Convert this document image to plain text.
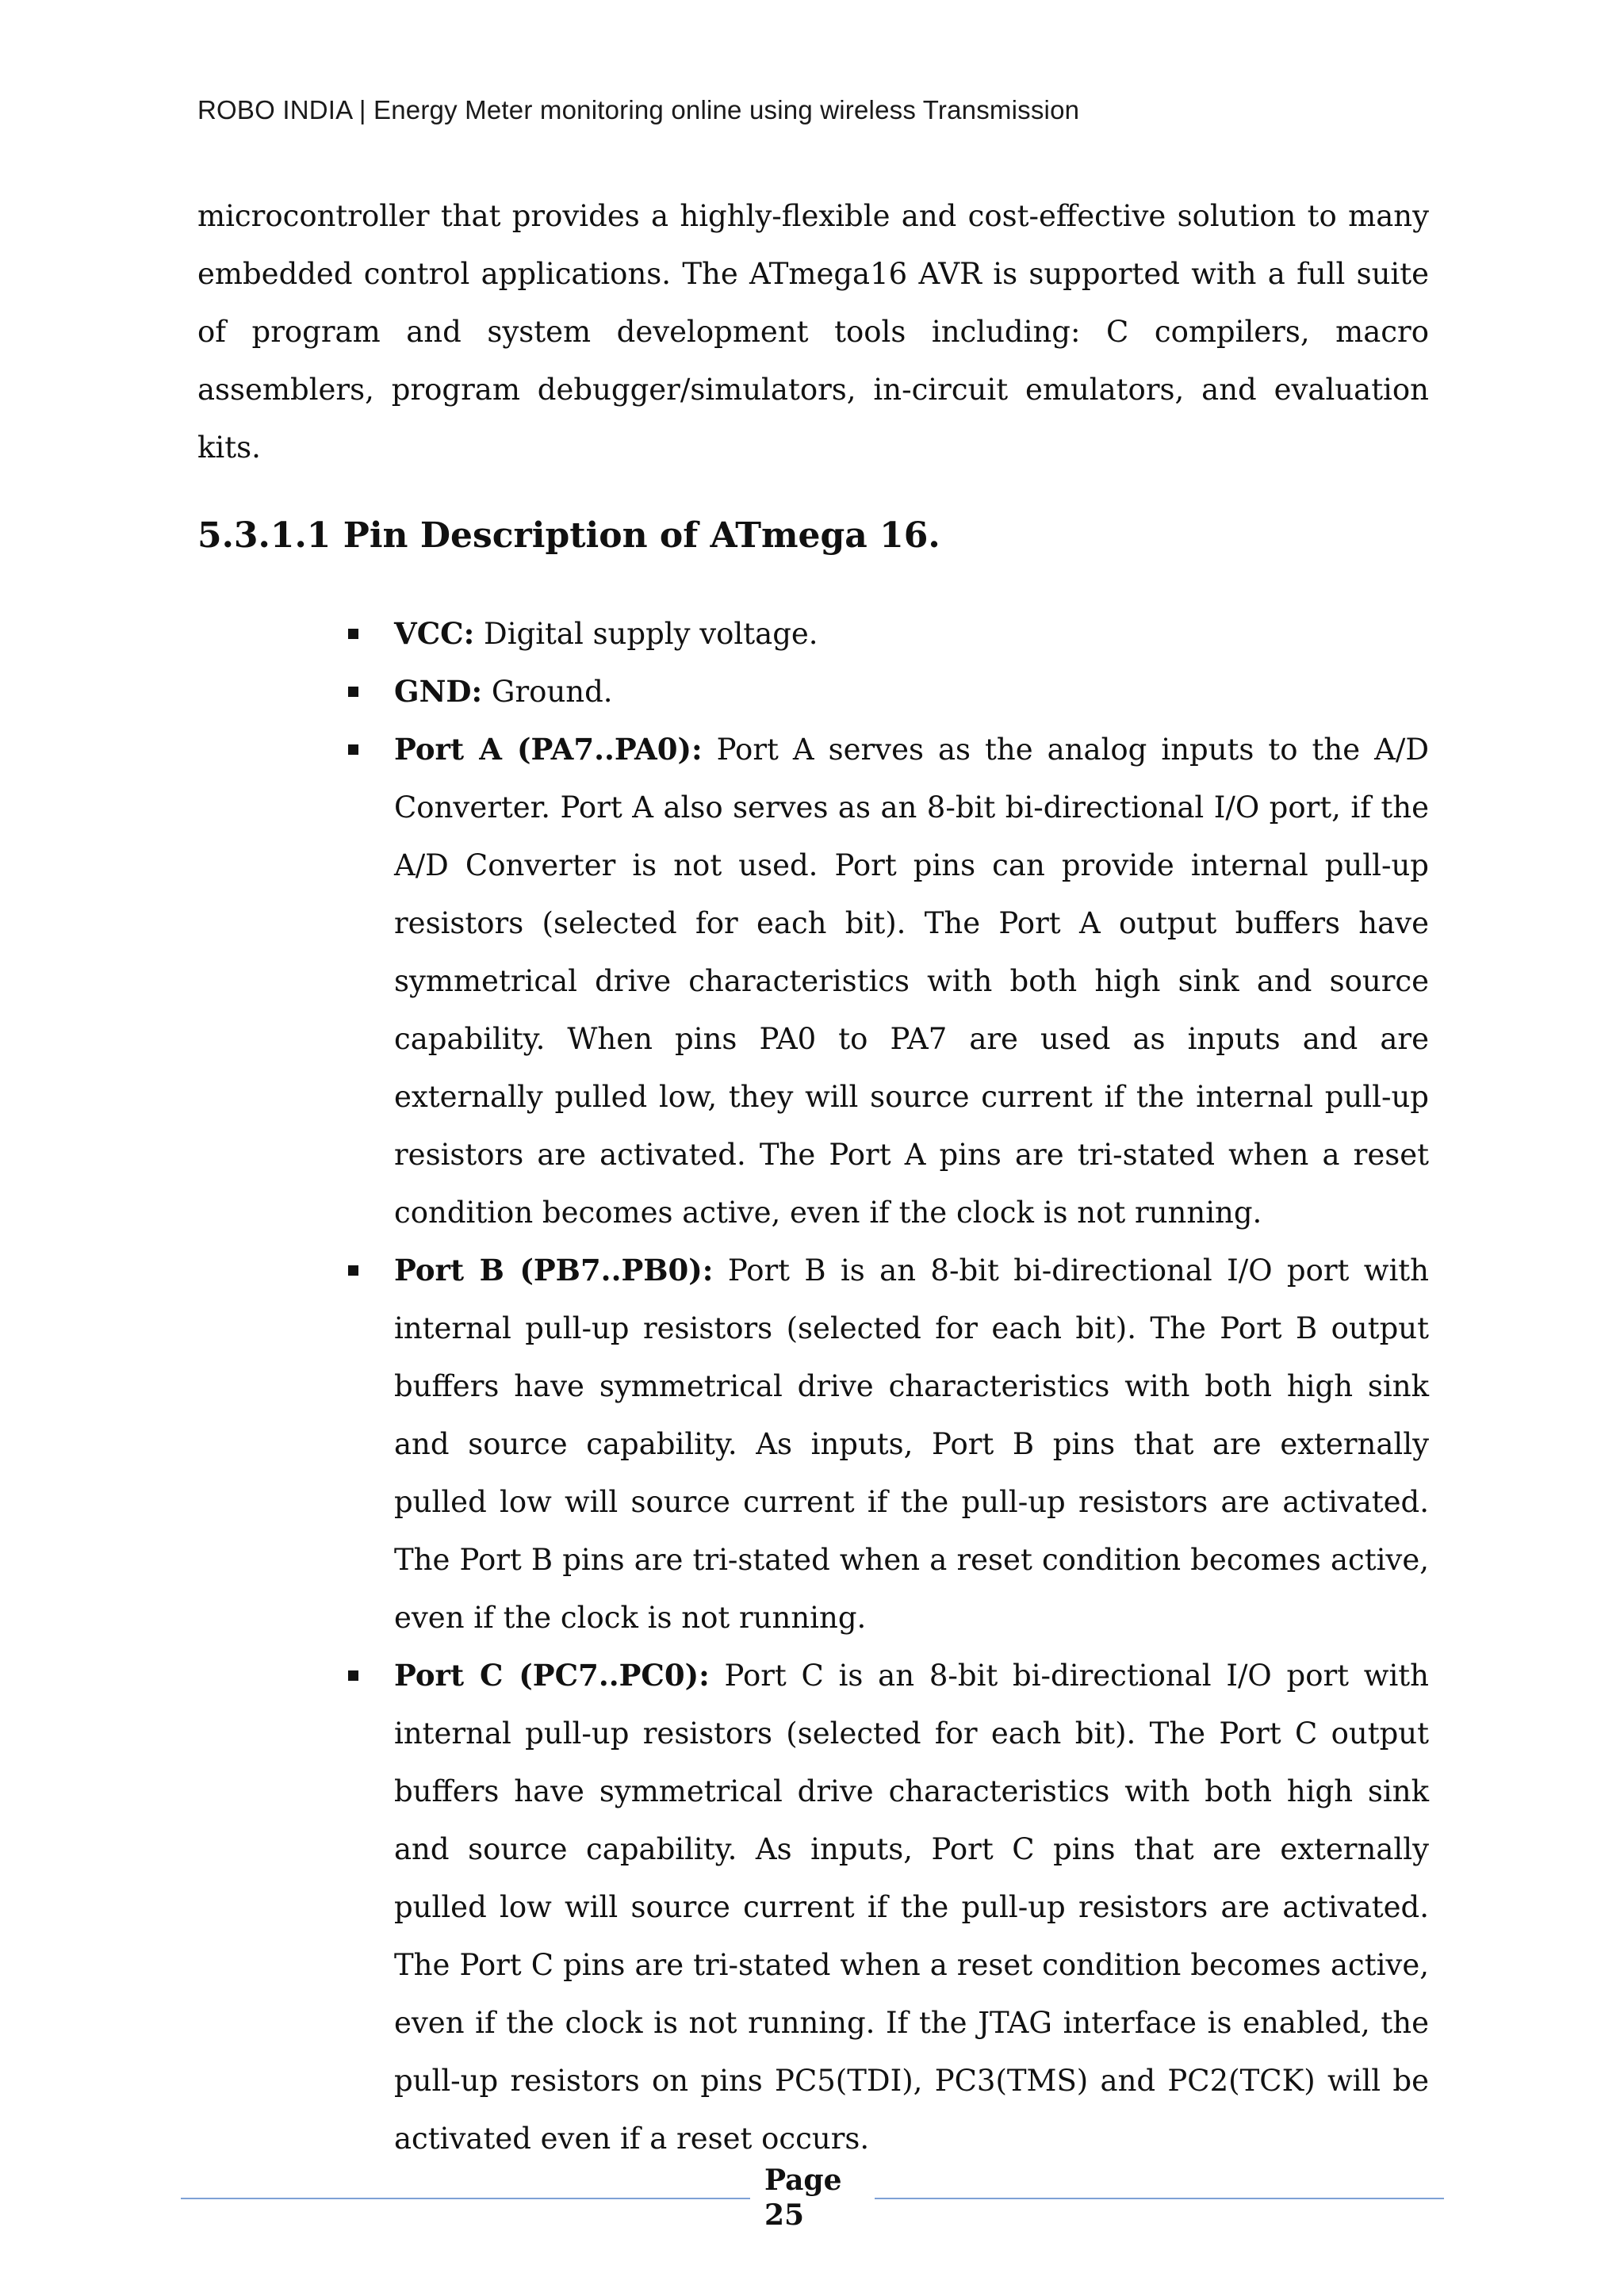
ROBO INDIA | Energy Meter monitoring online using wireless Transmission

microcontroller that provides a highly-flexible and cost-effective solution to many embedded control applications. The ATmega16 AVR is supported with a full suite of program and system development tools including: C compilers, macro assemblers, program debugger/simulators, in-circuit emulators, and evaluation kits.

5.3.1.1 Pin Description of ATmega 16.
VCC: Digital supply voltage.
GND: Ground.
Port A (PA7..PA0): Port A serves as the analog inputs to the A/D Converter. Port A also serves as an 8-bit bi-directional I/O port, if the A/D Converter is not used. Port pins can provide internal pull-up resistors (selected for each bit). The Port A output buffers have symmetrical drive characteristics with both high sink and source capability. When pins PA0 to PA7 are used as inputs and are externally pulled low, they will source current if the internal pull-up resistors are activated. The Port A pins are tri-stated when a reset condition becomes active, even if the clock is not running.
Port B (PB7..PB0): Port B is an 8-bit bi-directional I/O port with internal pull-up resistors (selected for each bit). The Port B output buffers have symmetrical drive characteristics with both high sink and source capability. As inputs, Port B pins that are externally pulled low will source current if the pull-up resistors are activated. The Port B pins are tri-stated when a reset condition becomes active, even if the clock is not running.
Port C (PC7..PC0): Port C is an 8-bit bi-directional I/O port with internal pull-up resistors (selected for each bit). The Port C output buffers have symmetrical drive characteristics with both high sink and source capability. As inputs, Port C pins that are externally pulled low will source current if the pull-up resistors are activated. The Port C pins are tri-stated when a reset condition becomes active, even if the clock is not running. If the JTAG interface is enabled, the pull-up resistors on pins PC5(TDI), PC3(TMS) and PC2(TCK) will be activated even if a reset occurs.
Page
25
